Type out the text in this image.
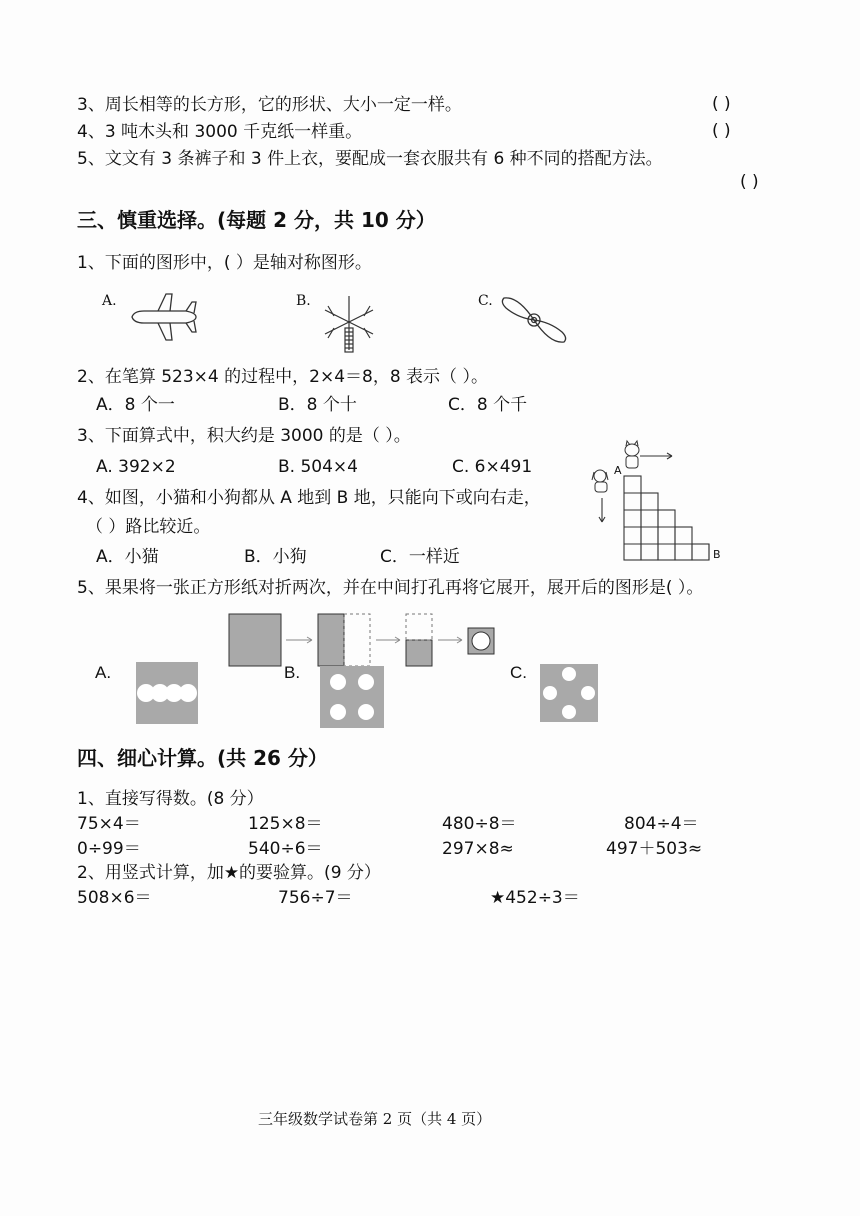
3、周长相等的长方形，它的形状、大小一定一样。	( )
4、3 吨木头和 3000 千克纸一样重。	( )
5、文文有 3 条裤子和 3 件上衣，要配成一套衣服共有 6 种不同的搭配方法。
( )
三、慎重选择。(每题 2 分，共 10 分）
1、下面的图形中，( ）是轴对称图形。
A.	B.	C.
2、在笔算 523×4 的过程中，2×4＝8，8 表示（ ）。
A．8 个一	B．8 个十	C．8 个千
3、下面算式中，积大约是 3000 的是（ ）。
A. 392×2	B. 504×4	C. 6×491
4、如图，小猫和小狗都从 A 地到 B 地，只能向下或向右走，
（ ）路比较近。
A．小猫	B．小狗	C．一样近
A
B
5、果果将一张正方形纸对折两次，并在中间打孔再将它展开，展开后的图形是( ）。
A.	B.	C.
四、细心计算。(共 26 分）
1、直接写得数。(8 分）
75×4＝	125×8＝	480÷8＝	804÷4＝
0÷99＝	540÷6＝	297×8≈	497＋503≈
2、用竖式计算，加★的要验算。(9 分）
508×6＝	756÷7＝	★452÷3＝
三年级数学试卷第 2 页（共 4 页）
